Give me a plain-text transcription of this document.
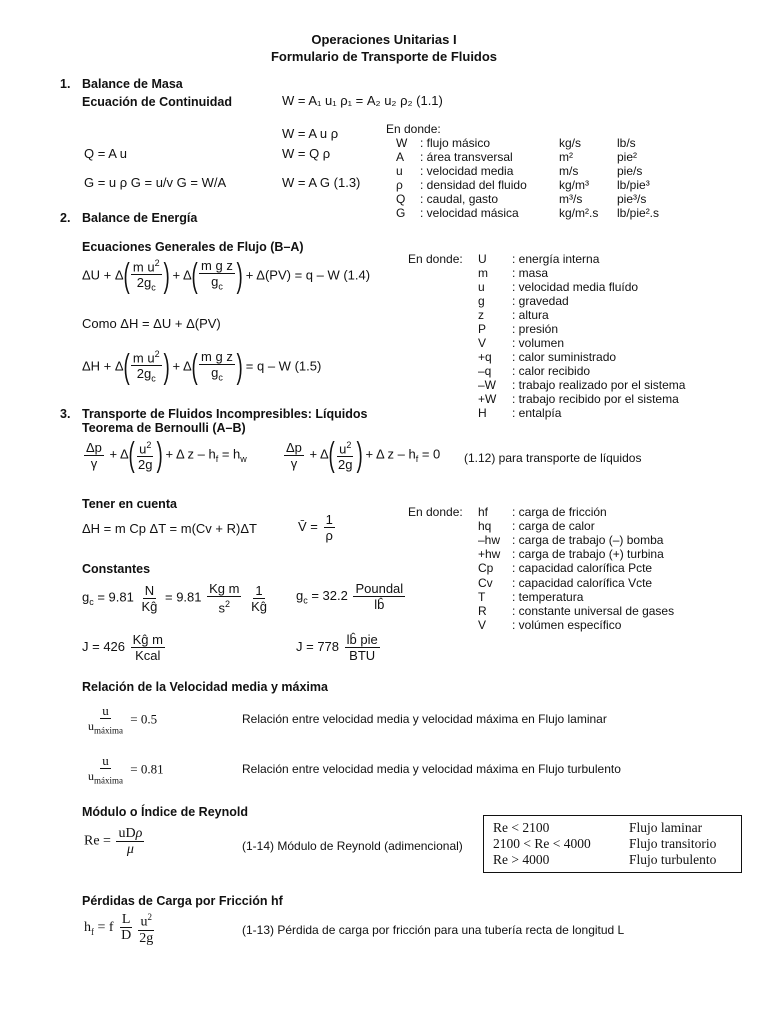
Operaciones Unitarias I
Formulario de Transporte de Fluidos
1. Balance de Masa
Ecuación de Continuidad	W = A₁ u₁ ρ₁ = A₂ u₂ ρ₂ (1.1)
W = A u ρ
W = Q ρ
W = A G (1.3)
Q = A u
G = u ρ G = u/v G = W/A
En donde:
W : flujo másico	kg/s	lb/s
A : área transversal	m²	pie²
u : velocidad media	m/s	pie/s
ρ : densidad del fluido	kg/m³ lb/pie³
Q : caudal, gasto	m³/s	pie³/s
G : velocidad másica	kg/m².s lb/pie².s
2. Balance de Energía
Ecuaciones Generales de Flujo (B–A)
$\Delta U + \Delta( \frac{m u^2}{2g_c}$ ) + $\Delta( \frac{\text{m g z}}{g_c}$ ) + Δ(PV) = q – W (1.4)
Como ΔH = ΔU + Δ(PV)
$\Delta H + \Delta( \frac{m u^2}{2g_c}$ ) + $\Delta( \frac{\text{m g z}}{g_c}$ ) = q – W (1.5)
En donde: U : energía interna
m : masa
u : velocidad media fluído
g : gravedad
z : altura
P : presión
V : volumen
+q : calor suministrado
–q : calor recibido
–W : trabajo realizado por el sistema
+W : trabajo recibido por el sistema
H : entalpía
3. Transporte de Fluidos Incompresibles: Líquidos
Teorema de Bernoulli (A–B)
$\frac{\Delta p}{\gamma} + \Delta( \frac{u^2}{2g}$ ) + Δ $z - h_f = h_w$	$\frac{\Delta p}{\gamma} + \Delta( \frac{u^2}{2g}$ ) + Δ $z - h_f = 0$ (1.12) para transporte de líquidos
Tener en cuenta
ΔH = m Cp ΔT = m(Cv + R)ΔT	V̄ = $\frac{1}{\rho}$	En donde: hf : carga de fricción
hq : carga de calor
–hw : carga de trabajo (–) bomba
+hw : carga de trabajo (+) turbina
Cp : capacidad calorífica Pcte
Cv : capacidad calorífica Vcte
T : temperatura
R : constante universal de gases
V : volúmen específico
Constantes
$g_c = 9.81 \frac{N}{Kĝ} = 9.81 \frac{\text{Kg m}}{s^2}$
$\frac{1}{Kĝ} g_c = 32.2 \frac{\text{Poundal}}{lb̂}$
$J = 426 \frac{\text{Kĝ m}}{\text{Kcal}}$	$J = 778 \frac{\text{lb̂ pie}}{\text{BTU}}$
Relación de la Velocidad media y máxima
$\frac{u}{u_{máxima}} = 0.5$	Relación entre velocidad media y velocidad máxima en Flujo laminar
$\frac{u}{u_{máxima}} = 0.81$	Relación entre velocidad media y velocidad máxima en Flujo turbulento
Módulo o Índice de Reynold
$Re = \frac{\text{uDρ}}{\mu}$	(1-14) Módulo de Reynold (adimencional)
Re < 2100	Flujo laminar
2100 < Re < 4000	Flujo transitorio
Re > 4000	Flujo turbulento
Pérdidas de Carga por Fricción hf
$h_f = f \frac{L}{D} \frac{u^2}{2g}$	(1-13) Pérdida de carga por fricción para una tubería recta de longitud L
